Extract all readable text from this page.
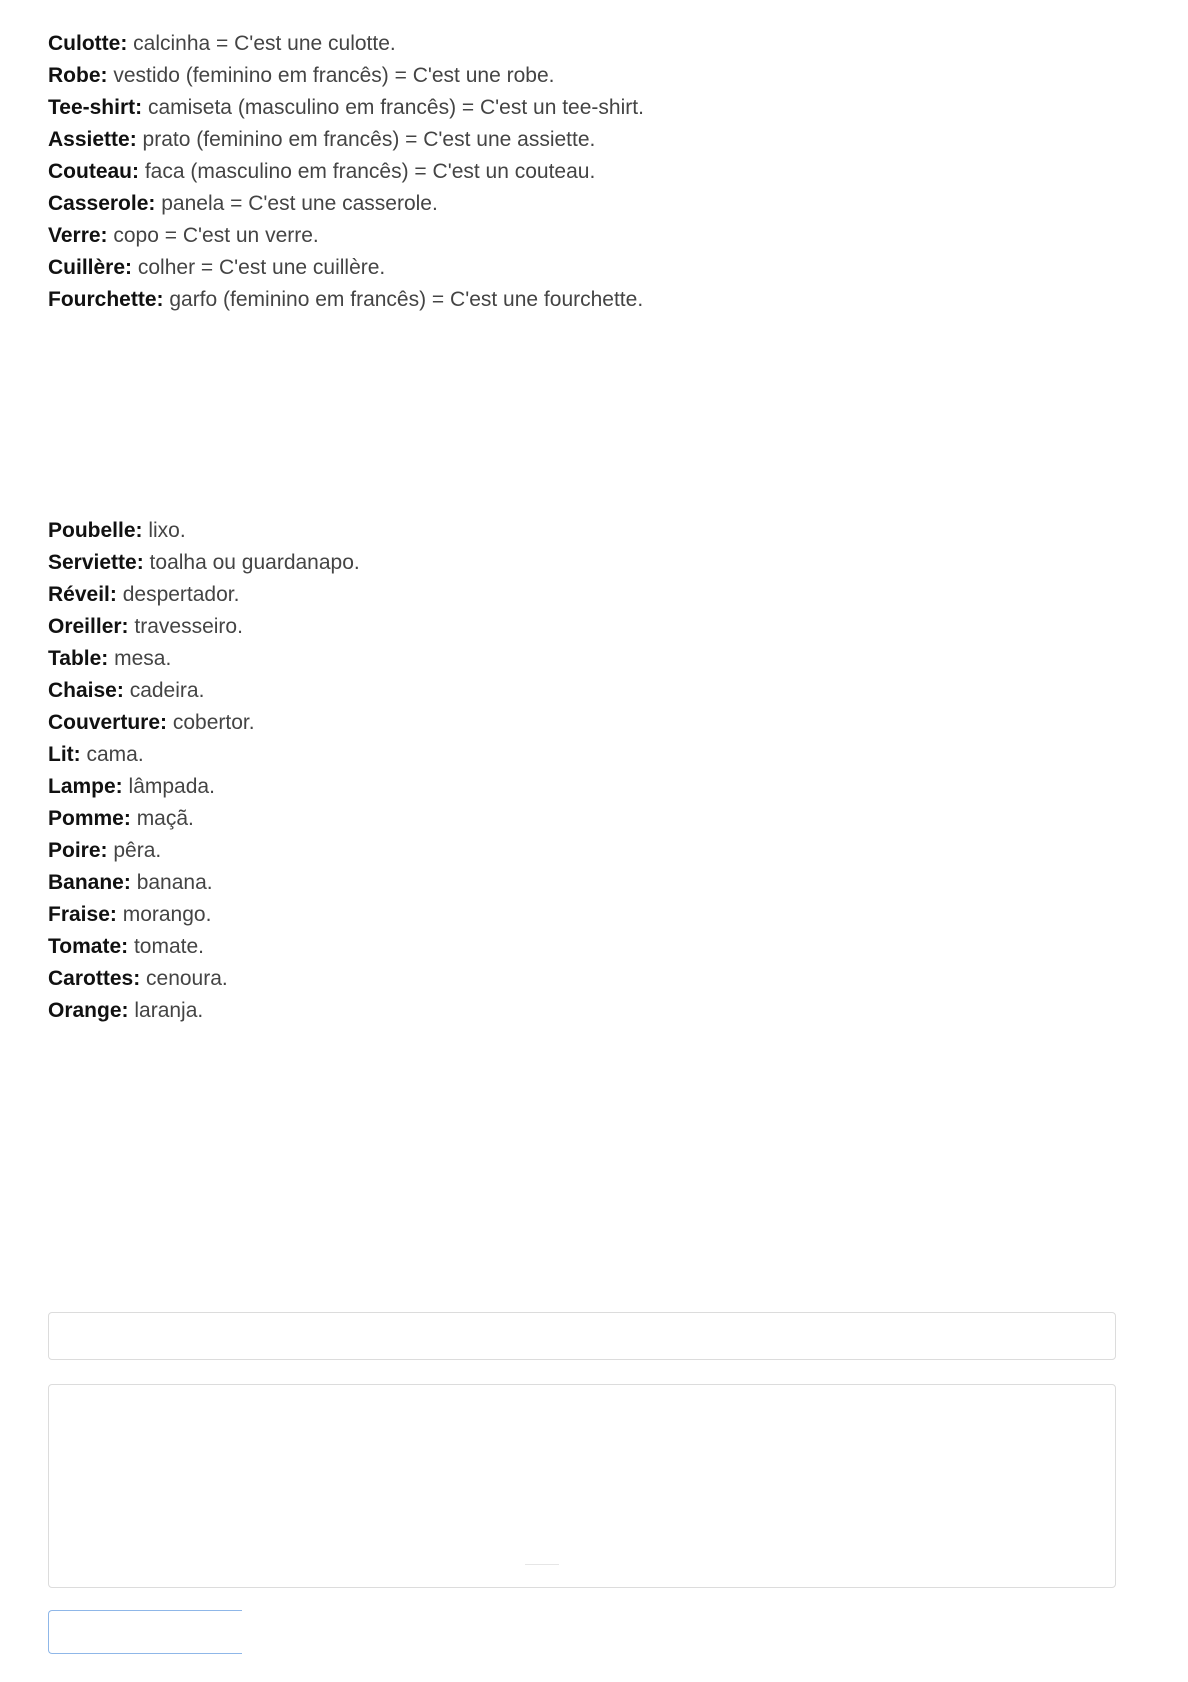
Culotte: calcinha = C'est une culotte.
Robe: vestido (feminino em francês) = C'est une robe.
Tee-shirt: camiseta (masculino em francês) = C'est un tee-shirt.
Assiette: prato (feminino em francês) = C'est une assiette.
Couteau: faca (masculino em francês) = C'est un couteau.
Casserole: panela = C'est une casserole.
Verre: copo = C'est un verre.
Cuillère: colher = C'est une cuillère.
Fourchette: garfo (feminino em francês) = C'est une fourchette.
Poubelle: lixo.
Serviette: toalha ou guardanapo.
Réveil: despertador.
Oreiller: travesseiro.
Table: mesa.
Chaise: cadeira.
Couverture: cobertor.
Lit: cama.
Lampe: lâmpada.
Pomme: maçã.
Poire: pêra.
Banane: banana.
Fraise: morango.
Tomate: tomate.
Carottes: cenoura.
Orange: laranja.
